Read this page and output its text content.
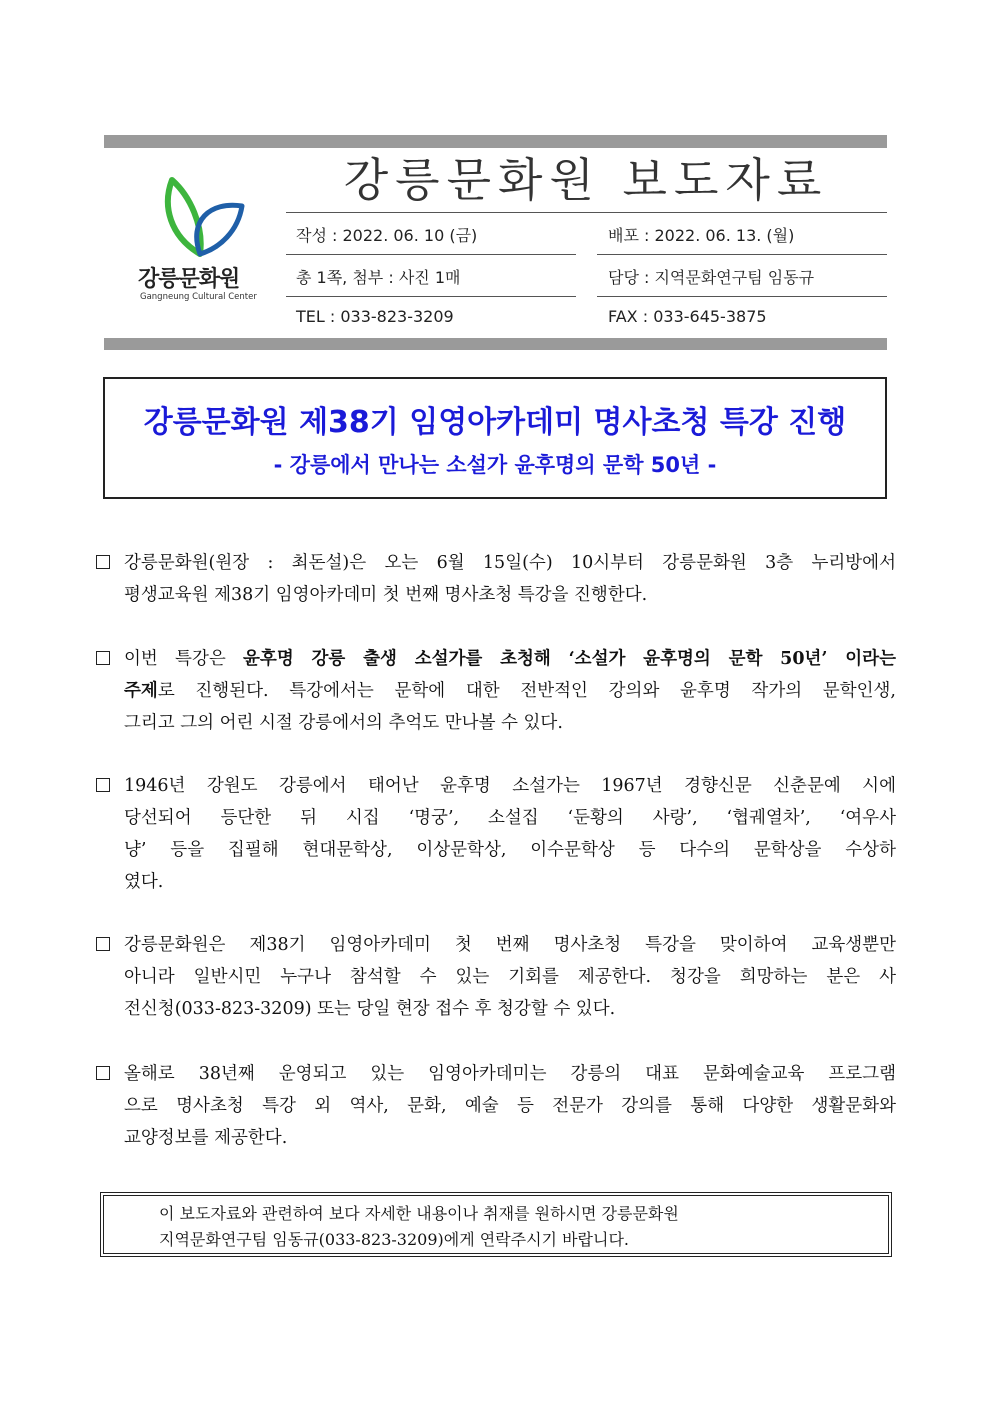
강릉문화원
Gangneung Cultural Center
강릉문화원 보도자료
작성 : 2022. 06. 10 (금)	배포 : 2022. 06. 13. (월)
총 1쪽, 첨부 : 사진 1매	담당 : 지역문화연구팀 임동규
TEL : 033-823-3209	FAX : 033-645-3875
강릉문화원 제38기 임영아카데미 명사초청 특강 진행
- 강릉에서 만나는 소설가 윤후명의 문학 50년 -
강릉문화원(원장 : 최돈설)은 오는 6월 15일(수) 10시부터 강릉문화원 3층 누리방에서
평생교육원 제38기 임영아카데미 첫 번째 명사초청 특강을 진행한다.
이번 특강은 윤후명 강릉 출생 소설가를 초청해 ‘소설가 윤후명의 문학 50년’ 이라는
주제로 진행된다. 특강에서는 문학에 대한 전반적인 강의와 윤후명 작가의 문학인생,
그리고 그의 어린 시절 강릉에서의 추억도 만나볼 수 있다.
1946년 강원도 강릉에서 태어난 윤후명 소설가는 1967년 경향신문 신춘문예 시에
당선되어 등단한 뒤 시집 ‘명궁’, 소설집 ‘둔황의 사랑’, ‘협궤열차’, ‘여우사
냥’ 등을 집필해 현대문학상, 이상문학상, 이수문학상 등 다수의 문학상을 수상하
였다.
강릉문화원은 제38기 임영아카데미 첫 번째 명사초청 특강을 맞이하여 교육생뿐만
아니라 일반시민 누구나 참석할 수 있는 기회를 제공한다. 청강을 희망하는 분은 사
전신청(033-823-3209) 또는 당일 현장 접수 후 청강할 수 있다.
올해로 38년째 운영되고 있는 임영아카데미는 강릉의 대표 문화예술교육 프로그램
으로 명사초청 특강 외 역사, 문화, 예술 등 전문가 강의를 통해 다양한 생활문화와
교양정보를 제공한다.
이 보도자료와 관련하여 보다 자세한 내용이나 취재를 원하시면 강릉문화원
지역문화연구팀 임동규(033-823-3209)에게 연락주시기 바랍니다.
